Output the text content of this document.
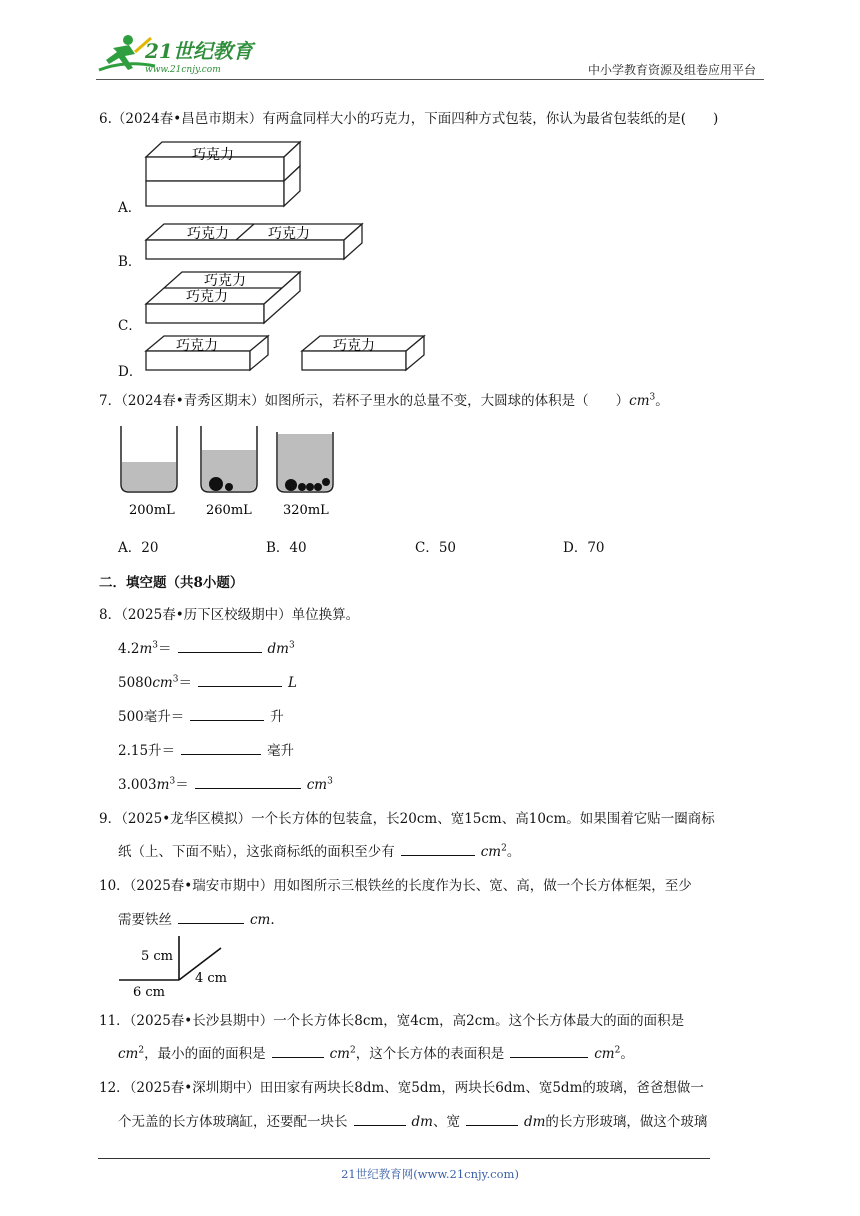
21世纪教育
www.21cnjy.com	中小学教育资源及组卷应用平台
6.（2024春•昌邑市期末）有两盒同样大小的巧克力，下面四种方式包装，你认为最省包装纸的是(　　)
A．
巧克力
B．
巧克力	巧克力
C．
巧克力
巧克力
D．
巧克力	巧克力
7．（2024春•青秀区期末）如图所示，若杯子里水的总量不变，大圆球的体积是（　　）$cm^3$。
200mL 260mL 320mL
A．20	B．40	C．50	D．70
二．填空题（共8小题）
8．（2025春•历下区校级期中）单位换算。
$4.2m^3=$	$dm^3$
$5080cm^3=$	L
500毫升＝	升
2.15升＝	毫升
$3.003m^3=$	$cm^3$
9．（2025•龙华区模拟）一个长方体的包装盒，长20cm、宽15cm、高10cm。如果围着它贴一圈商标
纸（上、下面不贴），这张商标纸的面积至少有	$cm^2$。
10．（2025春•瑞安市期中）用如图所示三根铁丝的长度作为长、宽、高，做一个长方体框架，至少
需要铁丝	cm.
5 cm
4 cm
6 cm
11．（2025春•长沙县期中）一个长方体长8cm，宽4cm，高2cm。这个长方体最大的面的面积是
$cm^2$，最小的面的面积是	$cm^2$，这个长方体的表面积是	$cm^2$。
12．（2025春•深圳期中）田田家有两块长8dm、宽5dm，两块长6dm、宽5dm的玻璃，爸爸想做一
个无盖的长方体玻璃缸，还要配一块长	dm、宽	dm的长方形玻璃，做这个玻璃
21世纪教育网(www.21cnjy.com)
